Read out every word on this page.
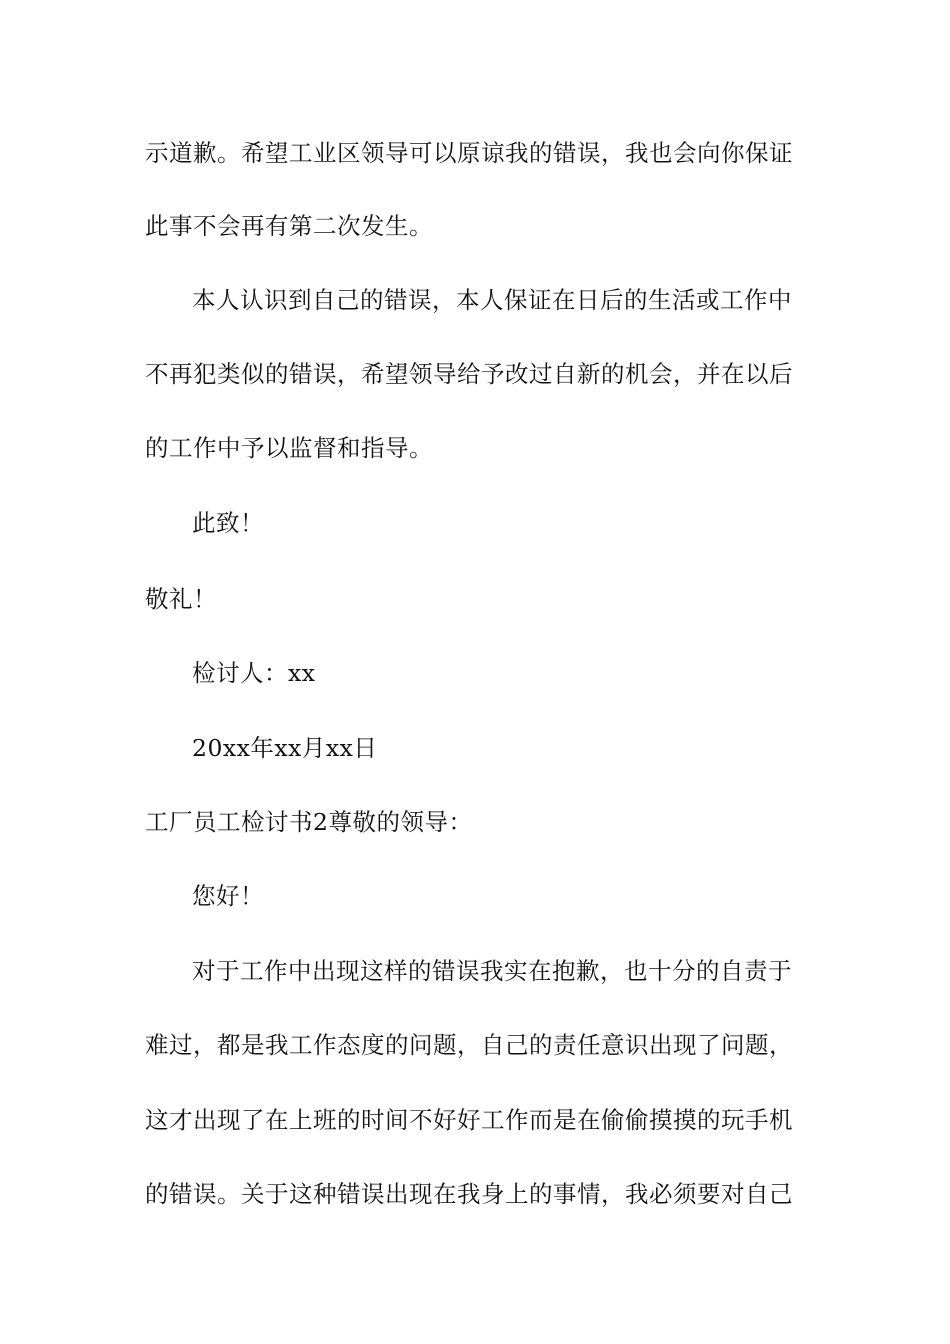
示道歉。希望工业区领导可以原谅我的错误，我也会向你保证
此事不会再有第二次发生。
本人认识到自己的错误，本人保证在日后的生活或工作中
不再犯类似的错误，希望领导给予改过自新的机会，并在以后
的工作中予以监督和指导。
此致！
敬礼！
检讨人：xx
20xx年xx月xx日
工厂员工检讨书2尊敬的领导：
您好！
对于工作中出现这样的错误我实在抱歉，也十分的自责于
难过，都是我工作态度的问题，自己的责任意识出现了问题，
这才出现了在上班的时间不好好工作而是在偷偷摸摸的玩手机
的错误。关于这种错误出现在我身上的事情，我必须要对自己
